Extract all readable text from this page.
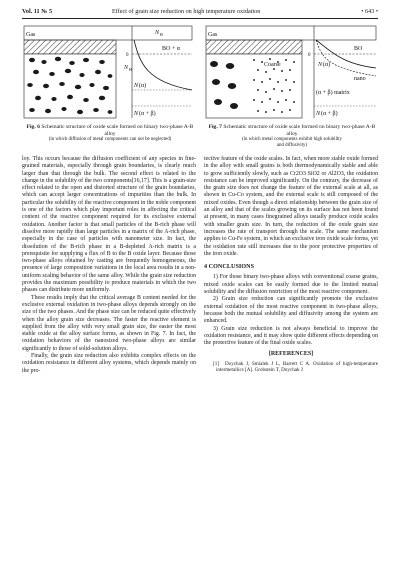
Vol. 11 № 5	Effect of grain size reduction on high temperature oxidation	• 643 •
Gas	N B
BO + α
N B
N (α)
N (α + β)
0
Fig. 6 Schematic structure of oxide scale formed on binary two-phase A-B alloy
(in which diffusion of metal components can not be neglected)
Gas
BO
Coarse	N (α)
nano
(α + β) matrix
N (α + β)
0
Fig. 7 Schematic structure of oxide scale formed on binary two-phase A-B alloy
(in which metal components exhibit high solubility
and diffusivity)

loy. This occurs because the diffusion coefficient of any species in fine-grained materials, especially through grain boundaries, is clearly much larger than that through the bulk. The second effect is related to the change in the solubility of the two components[16,17]. This is a grain-size effect related to the open and distorted structure of the grain boundaries, which can accept larger concentrations of impurities than the bulk. In particular the solubility of the reactive component in the noble component is one of the factors which play important roles in affecting the critical content of the reactive component required for its exclusive external oxidation. Another factor is that small particles of the B-rich phase will dissolve more rapidly than large particles in a matrix of the A-rich phase, especially in the case of particles with nanometer size. In fact, the dissolution of the B-rich phase in a B-depleted A-rich matrix is a prerequisite for supplying a flux of B to the B oxide layer. Because those two-phase alloys obtained by casting are frequently homogeneous, the presence of large composition variations in the local area results in a non-uniform scaling behavior of the same alloy. While the grain size reduction provides the maximum possibility to produce materials in which the two phases can distribute more uniformly.

These results imply that the critical average B content needed for the exclusive external oxidation in two-phase alloys depends strongly on the size of the two phases. And the phase size can be reduced quite effectively when the alloy grain size decreases. The faster the reactive element is supplied from the alloy with very small grain size, the easier the most stable oxide at the alloy surface forms, as shown in Fig. 7. In fact, the oxidation behaviors of the nanosized two-phase alloys are similar significantly to those of solid-solution alloys.

Finally, the grain size reduction also exhibits complex effects on the oxidation resistance in different alloy systems, which depends mainly on the pro-

tective feature of the oxide scales. In fact, when more stable oxide formed in the alloy with small grains is both thermodynamically stable and able to grow sufficiently slowly, such as Cr2O3 SiO2 or Al2O3, the oxidation resistance can be improved significantly. On the contrary, the decrease of the grain size does not change the feature of the external scale at all, as shown in Cu-Co system, and the external scale is still composed of the mixed oxides. Even though a direct relationship between the grain size of an alloy and that of the scales growing on its surface has not been found at present, in many cases finegrained alloys usually produce oxide scales with smaller grain size. In turn, the reduction of the oxide grain size increases the rate of transport through the scale. The same mechanism applies to Cu-Fe system, in which an exclusive iron oxide scale forms, yet the oxidation rate still increases due to the poor protective properties of the iron oxide.

4 CONCLUSIONS

1) For those binary two-phase alloys with conventional coarse grains, mixed oxide scales can be easily formed due to the limited mutual solubility and the diffusion restriction of the most reactive component.

2) Grain size reduction can significantly promote the exclusive external oxidation of the most reactive component in two-phase alloys, because both the mutual solubility and diffusivity among the system are enhanced.

3) Grain size reduction is not always beneficial to improve the oxidation resistance, and it may show quite different effects depending on the protective feature of the final oxide scales.

[REFERENCES]

[1] Doychak J, Smialek J L, Barrett C A. Oxidation of high-temperature intermetallics [A]. Grobstein T, Doychak J
